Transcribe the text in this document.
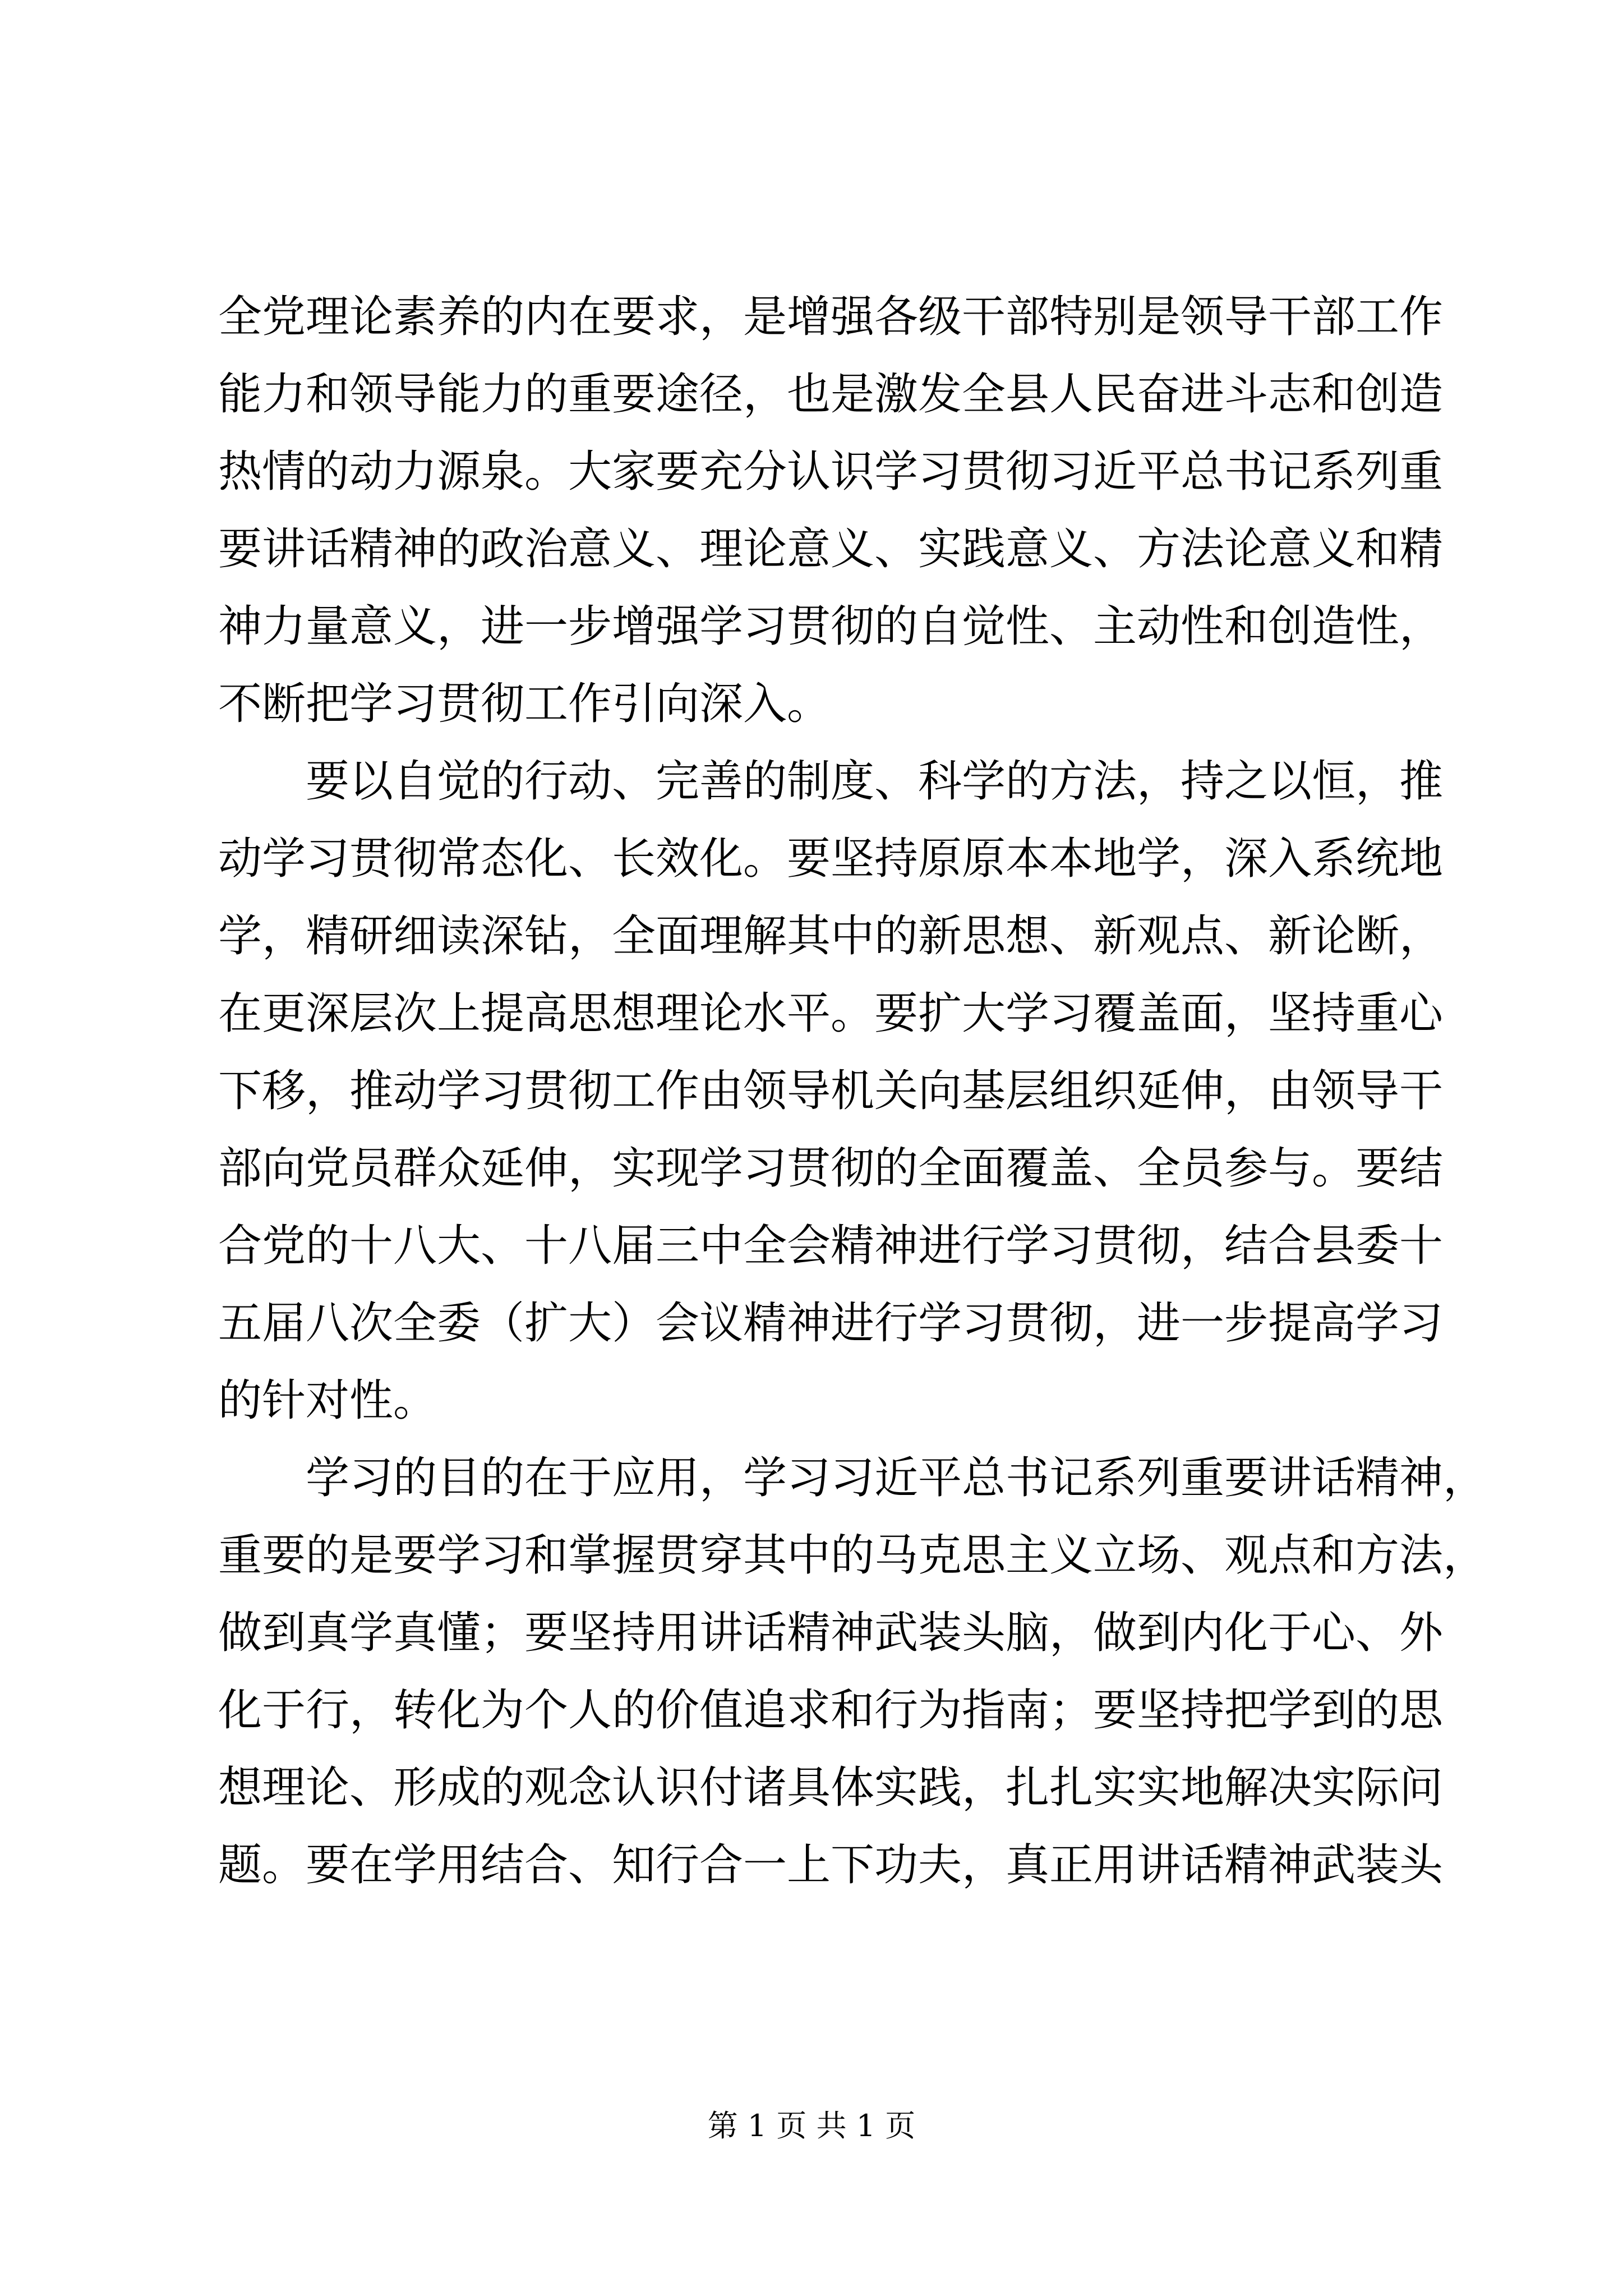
全党理论素养的内在要求，是增强各级干部特别是领导干部工作
能力和领导能力的重要途径，也是激发全县人民奋进斗志和创造
热情的动力源泉。大家要充分认识学习贯彻习近平总书记系列重
要讲话精神的政治意义、理论意义、实践意义、方法论意义和精
神力量意义，进一步增强学习贯彻的自觉性、主动性和创造性，
不断把学习贯彻工作引向深入。
要以自觉的行动、完善的制度、科学的方法，持之以恒，推
动学习贯彻常态化、长效化。要坚持原原本本地学，深入系统地
学，精研细读深钻，全面理解其中的新思想、新观点、新论断，
在更深层次上提高思想理论水平。要扩大学习覆盖面，坚持重心
下移，推动学习贯彻工作由领导机关向基层组织延伸，由领导干
部向党员群众延伸，实现学习贯彻的全面覆盖、全员参与。要结
合党的十八大、十八届三中全会精神进行学习贯彻，结合县委十
五届八次全委（扩大）会议精神进行学习贯彻，进一步提高学习
的针对性。
学习的目的在于应用，学习习近平总书记系列重要讲话精神，
重要的是要学习和掌握贯穿其中的马克思主义立场、观点和方法，
做到真学真懂；要坚持用讲话精神武装头脑，做到内化于心、外
化于行，转化为个人的价值追求和行为指南；要坚持把学到的思
想理论、形成的观念认识付诸具体实践，扎扎实实地解决实际问
题。要在学用结合、知行合一上下功夫，真正用讲话精神武装头
第 1 页 共 1 页
